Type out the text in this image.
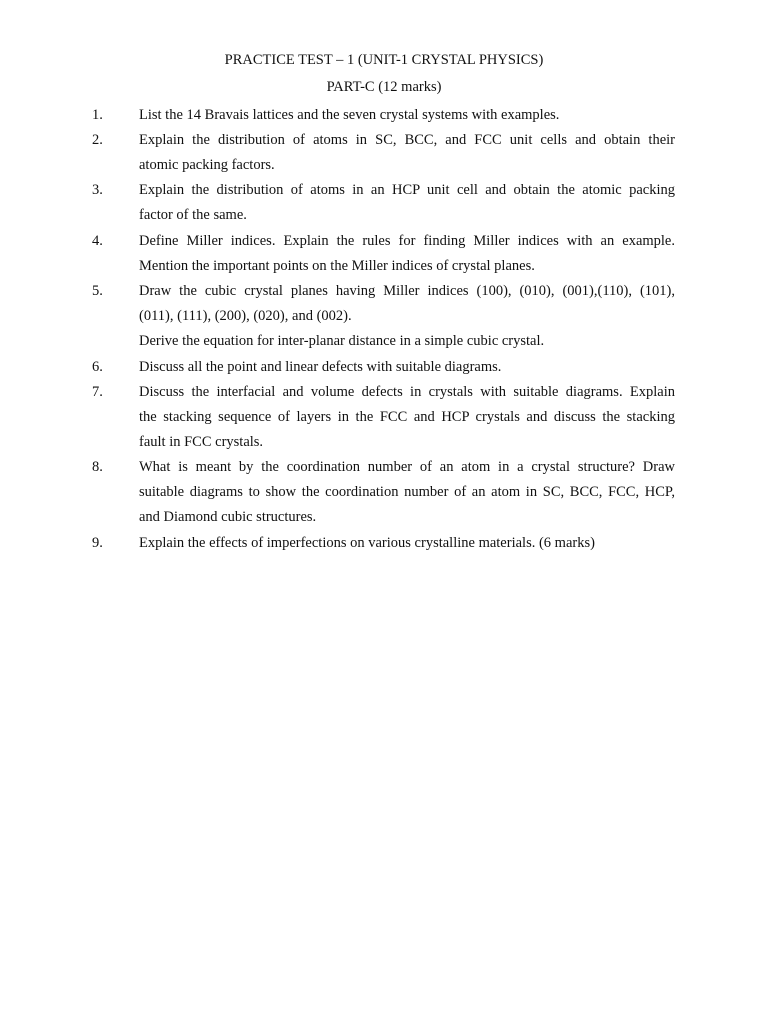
PRACTICE TEST – 1 (UNIT-1 CRYSTAL PHYSICS)
PART-C (12 marks)
1. List the 14 Bravais lattices and the seven crystal systems with examples.
2. Explain the distribution of atoms in SC, BCC, and FCC unit cells and obtain their
atomic packing factors.
3. Explain the distribution of atoms in an HCP unit cell and obtain the atomic packing
factor of the same.
4. Define Miller indices. Explain the rules for finding Miller indices with an example.
Mention the important points on the Miller indices of crystal planes.
5. Draw the cubic crystal planes having Miller indices (100), (010), (001),(110), (101),
(011), (111), (200), (020), and (002).
Derive the equation for inter-planar distance in a simple cubic crystal.
6. Discuss all the point and linear defects with suitable diagrams.
7. Discuss the interfacial and volume defects in crystals with suitable diagrams. Explain
the stacking sequence of layers in the FCC and HCP crystals and discuss the stacking
fault in FCC crystals.
8. What is meant by the coordination number of an atom in a crystal structure? Draw
suitable diagrams to show the coordination number of an atom in SC, BCC, FCC, HCP,
and Diamond cubic structures.
9. Explain the effects of imperfections on various crystalline materials. (6 marks)
